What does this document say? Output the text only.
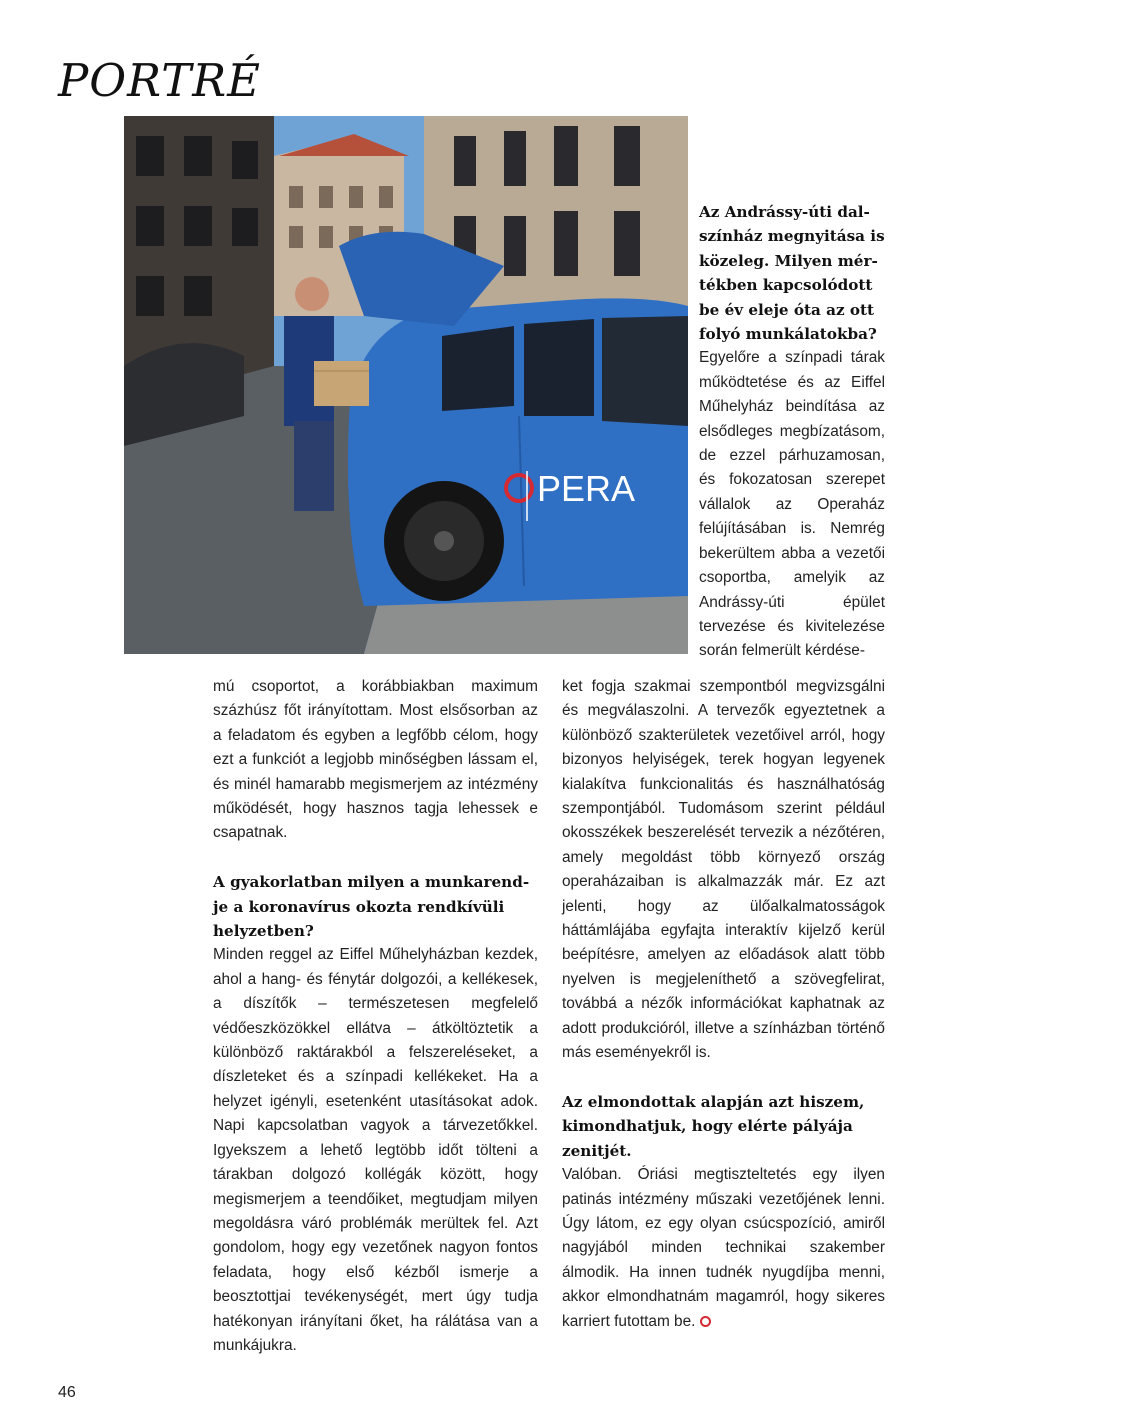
PORTRÉ
PERA
Az Andrássy-úti dal-
színház megnyitása is
közeleg. Milyen mér-
tékben kapcsolódott
be év eleje óta az ott
folyó munkálatokba?

Egyelőre a színpadi tárak működtetése és az Eiffel Műhelyház beindítása az elsődleges megbízatásom, de ezzel párhuzamosan, és fokozatosan szerepet vállalok az Operaház felújításában is. Nemrég bekerültem abba a vezetői csoportba, amelyik az Andrássy-úti épület tervezése és kivitelezése során felmerült kérdése-

mú csoportot, a korábbiakban maximum százhúsz főt irányítottam. Most elsősorban az a feladatom és egyben a legfőbb célom, hogy ezt a funkciót a legjobb minőségben lássam el, és minél hamarabb megismerjem az intézmény működését, hogy hasznos tagja lehessek e csapatnak.

A gyakorlatban milyen a munkarend-
je a koronavírus okozta rendkívüli
helyzetben?

Minden reggel az Eiffel Műhelyházban kezdek, ahol a hang- és fénytár dolgozói, a kellékesek, a díszítők – természetesen megfelelő védőeszközökkel ellátva – átköltöztetik a különböző raktárakból a felszereléseket, a díszleteket és a színpadi kellékeket. Ha a helyzet igényli, esetenként utasításokat adok. Napi kapcsolatban vagyok a tárvezetőkkel. Igyekszem a lehető legtöbb időt tölteni a tárakban dolgozó kollégák között, hogy megismerjem a teendőiket, megtudjam milyen megoldásra váró problémák merültek fel. Azt gondolom, hogy egy vezetőnek nagyon fontos feladata, hogy első kézből ismerje a beosztottjai tevékenységét, mert úgy tudja hatékonyan irányítani őket, ha rálátása van a munkájukra.

ket fogja szakmai szempontból megvizsgálni és megválaszolni. A tervezők egyeztetnek a különböző szakterületek vezetőivel arról, hogy bizonyos helyiségek, terek hogyan legyenek kialakítva funkcionalitás és használhatóság szempontjából. Tudomásom szerint például okosszékek beszerelését tervezik a nézőtéren, amely megoldást több környező ország operaházaiban is alkalmazzák már. Ez azt jelenti, hogy az ülőalkalmatosságok háttámlájába egyfajta interaktív kijelző kerül beépítésre, amelyen az előadások alatt több nyelven is megjeleníthető a szövegfelirat, továbbá a nézők információkat kaphatnak az adott produkcióról, illetve a színházban történő más eseményekről is.

Az elmondottak alapján azt hiszem,
kimondhatjuk, hogy elérte pályája
zenitjét.

Valóban. Óriási megtiszteltetés egy ilyen patinás intézmény műszaki vezetőjének lenni. Úgy látom, ez egy olyan csúcspozíció, amiről nagyjából minden technikai szakember álmodik. Ha innen tudnék nyugdíjba menni, akkor elmondhatnám magamról, hogy sikeres karriert futottam be.

46
